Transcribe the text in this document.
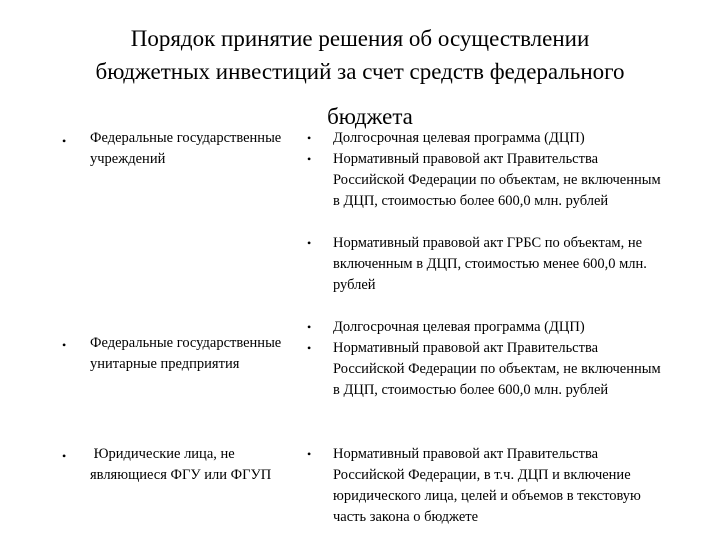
Порядок принятие решения об осуществлении
бюджетных инвестиций за счет средств федерального
бюджета
• Федеральные государственные учреждений
• Долгосрочная целевая программа (ДЦП)
• Нормативный правовой акт Правительства Российской Федерации по объектам, не включенным в ДЦП, стоимостью более 600,0 млн. рублей
• Нормативный правовой акт ГРБС по объектам, не включенным в ДЦП, стоимостью менее 600,0 млн. рублей
• Федеральные государственные унитарные предприятия
• Долгосрочная целевая программа (ДЦП)
• Нормативный правовой акт Правительства Российской Федерации по объектам, не включенным в ДЦП, стоимостью более 600,0 млн. рублей
• Юридические лица, не являющиеся ФГУ или ФГУП
• Нормативный правовой акт Правительства Российской Федерации, в т.ч. ДЦП и включение юридического лица, целей и объемов в текстовую часть закона о бюджете
